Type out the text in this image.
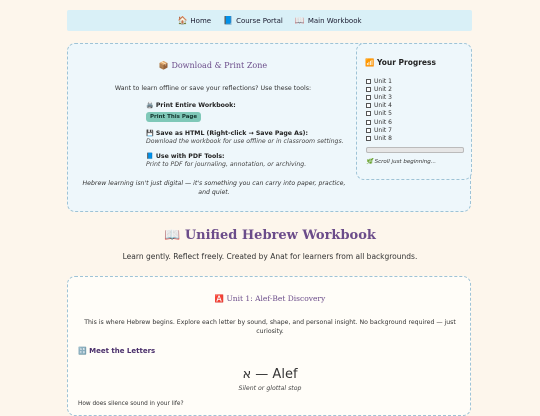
🏠 Home 📘 Course Portal 📖 Main Workbook
📦 Download & Print Zone
Want to learn offline or save your reflections? Use these tools:
🖨️ Print Entire Workbook:
Print This Page
💾 Save as HTML (Right-click → Save Page As):
Download the workbook for use offline or in classroom settings.
📘 Use with PDF Tools:
Print to PDF for journaling, annotation, or archiving.
Hebrew learning isn't just digital — it's something you can carry into paper, practice, and quiet.
📶 Your Progress
Unit 1
Unit 2
Unit 3
Unit 4
Unit 5
Unit 6
Unit 7
Unit 8
🌿 Scroll just beginning...
📖 Unified Hebrew Workbook
Learn gently. Reflect freely. Created by Anat for learners from all backgrounds.
🅰️ Unit 1: Alef-Bet Discovery
This is where Hebrew begins. Explore each letter by sound, shape, and personal insight. No background required — just curiosity.
🔠 Meet the Letters
א — Alef
Silent or glottal stop
How does silence sound in your life?
